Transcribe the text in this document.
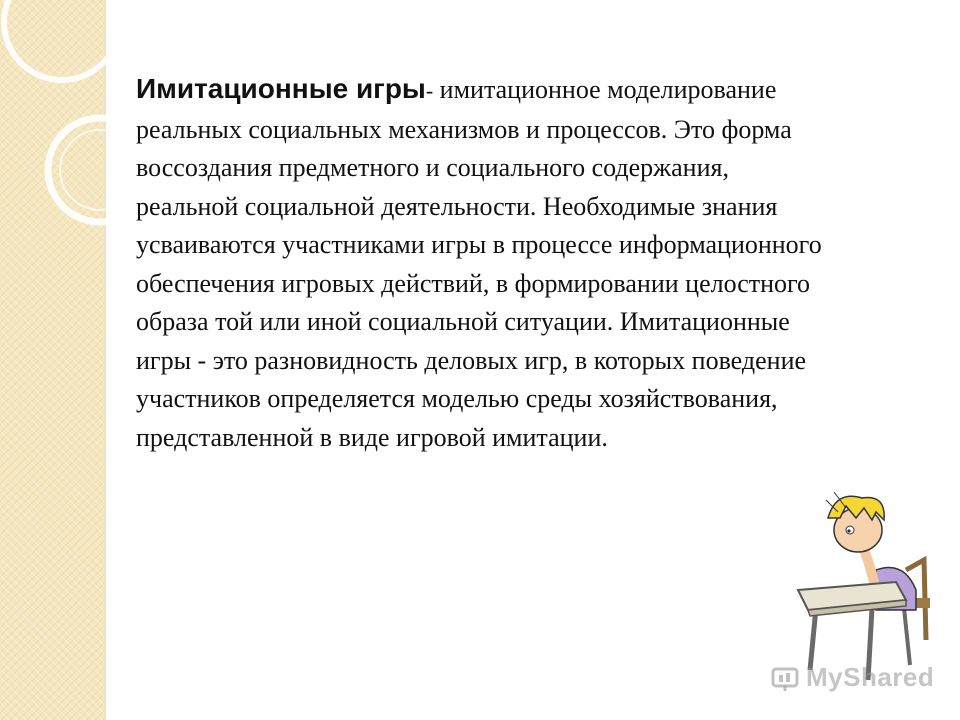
Имитационные игры- имитационное моделирование реальных социальных механизмов и процессов. Это форма воссоздания предметного и социального содержания, реальной социальной деятельности. Необходимые знания усваиваются участниками игры в процессе информационного обеспечения игровых действий, в формировании целостного образа той или иной социальной ситуации. Имитационные игры - это разновидность деловых игр, в которых поведение участников определяется моделью среды хозяйствования, представленной в виде игровой имитации.
MyShared
